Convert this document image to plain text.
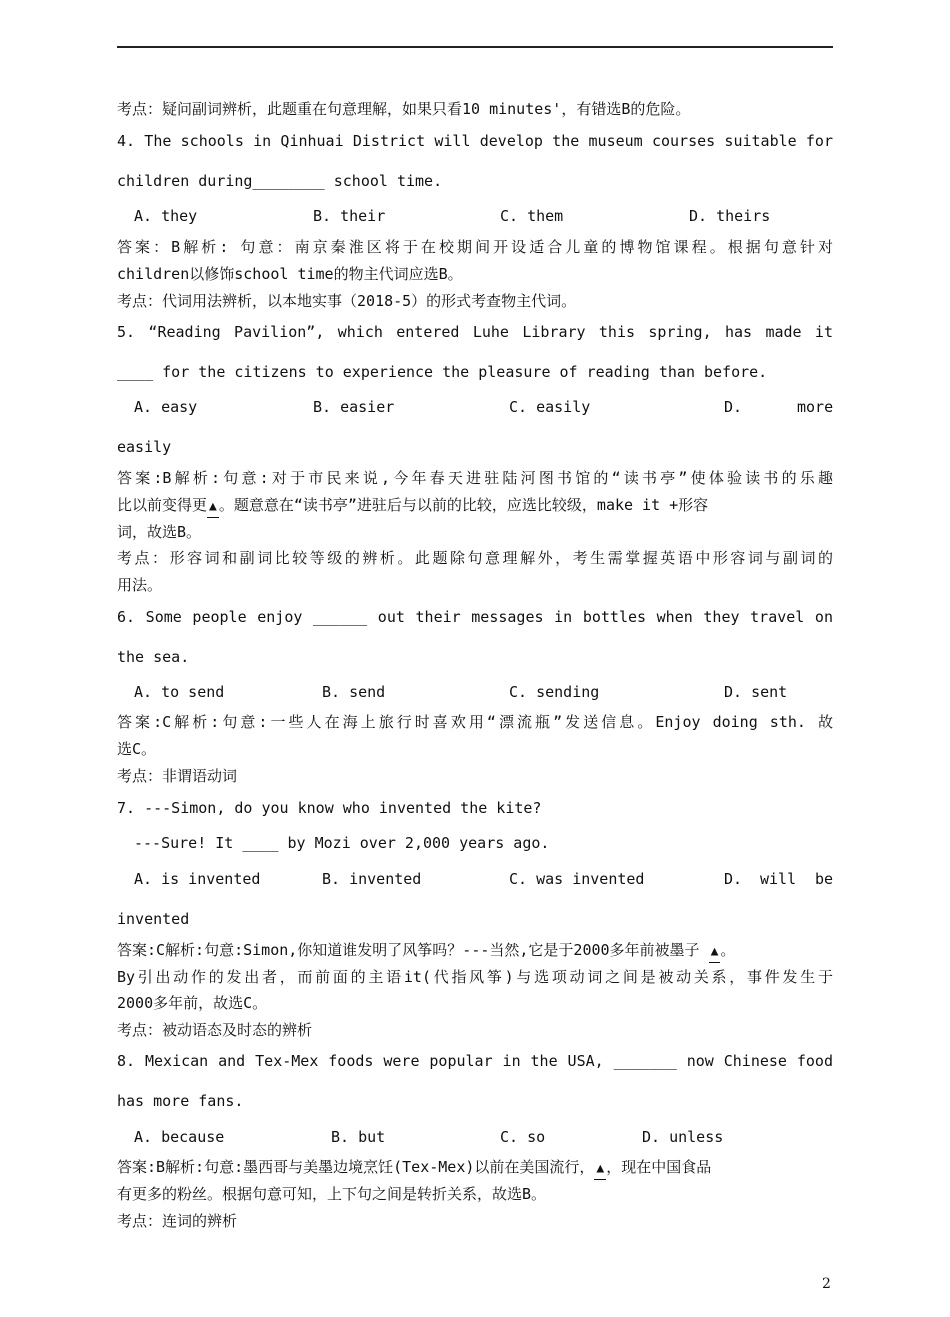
考点：疑问副词辨析，此题重在句意理解，如果只看10 minutes'，有错选B的危险。
4. The schools in Qinhuai District will develop the museum courses suitable for
children during________ school time.
A. they	B. their	C. them	D. theirs
答案：B解析: 句意：南京秦淮区将于在校期间开设适合儿童的博物馆课程。根据句意针对
children以修饰school time的物主代词应选B。
考点：代词用法辨析，以本地实事（2018-5）的形式考查物主代词。
5. “Reading Pavilion”, which entered Luhe Library this spring, has made it
____ for the citizens to experience the pleasure of reading than before.
A. easy	B. easier	C. easily	D.	more
easily
答案:B解析:句意:对于市民来说,今年春天进驻陆河图书馆的“读书亭”使体验读书的乐趣
比以前变得更 ▲ 。题意意在“读书亭”进驻后与以前的比较，应选比较级，make it +形容
词，故选B。
考点：形容词和副词比较等级的辨析。此题除句意理解外，考生需掌握英语中形容词与副词的
用法。
6. Some people enjoy ______ out their messages in bottles when they travel on
the sea.
A. to send	B. send	C. sending	D. sent
答案:C解析:句意:一些人在海上旅行时喜欢用“漂流瓶”发送信息。Enjoy doing sth. 故
选C。
考点：非谓语动词
7. ---Simon, do you know who invented the kite?
---Sure! It ____ by Mozi over 2,000 years ago.
A. is invented	B. invented	C. was invented	D. will be
invented
答案:C解析:句意:Simon,你知道谁发明了风筝吗？---当然,它是于2000多年前被墨子 ▲ 。
By引出动作的发出者，而前面的主语it(代指风筝)与选项动词之间是被动关系，事件发生于
2000多年前，故选C。
考点：被动语态及时态的辨析
8. Mexican and Tex-Mex foods were popular in the USA, _______ now Chinese food
has more fans.
A. because	B. but	C. so	D. unless
答案:B解析:句意:墨西哥与美墨边境烹饪(Tex-Mex)以前在美国流行， ▲ ，现在中国食品
有更多的粉丝。根据句意可知，上下句之间是转折关系，故选B。
考点：连词的辨析
2
